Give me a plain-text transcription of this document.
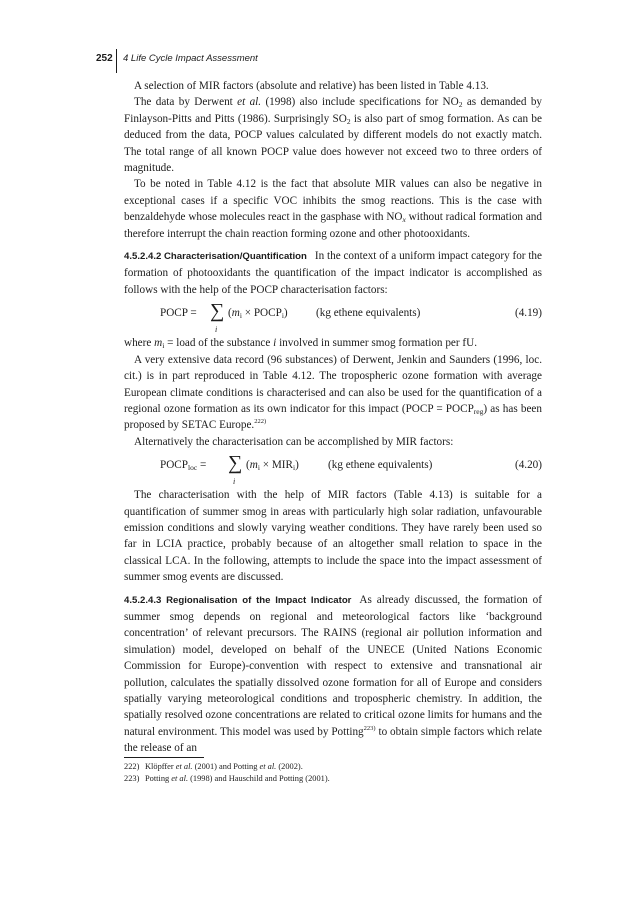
252 4 Life Cycle Impact Assessment

A selection of MIR factors (absolute and relative) has been listed in Table 4.13.

The data by Derwent et al. (1998) also include specifications for $NO_2$ as demanded by Finlayson-Pitts and Pitts (1986). Surprisingly $SO_2$ is also part of smog formation. As can be deduced from the data, POCP values calculated by different models do not exactly match. The total range of all known POCP value does however not exceed two to three orders of magnitude.

To be noted in Table 4.12 is the fact that absolute MIR values can also be negative in exceptional cases if a specific VOC inhibits the smog reactions. This is the case with benzaldehyde whose molecules react in the gasphase with $NO_x$ without radical formation and therefore interrupt the chain reaction forming ozone and other photooxidants.

4.5.2.4.2 Characterisation/Quantification In the context of a uniform impact category for the formation of photooxidants the quantification of the impact indicator is accomplished as follows with the help of the POCP characterisation factors:

POCP = ∑
i
($m_i$ × $POCP_i$)	(kg ethene equivalents)	(4.19)

where $m_i$ = load of the substance i involved in summer smog formation per fU.

A very extensive data record (96 substances) of Derwent, Jenkin and Saunders (1996, loc. cit.) is in part reproduced in Table 4.12. The tropospheric ozone formation with average European climate conditions is characterised and can also be used for the quantification of a regional ozone formation as its own indicator for this impact (POCP = $POCP_{reg}$) as has been proposed by SETAC Europe.$^{222)}$

Alternatively the characterisation can be accomplished by MIR factors:

$POCP_{loc}$ = ∑
i
$(m_i \times MIR_i)$	(kg ethene equivalents)	(4.20)

The characterisation with the help of MIR factors (Table 4.13) is suitable for a quantification of summer smog in areas with particularly high solar radiation, unfavourable emission conditions and slowly varying weather conditions. They have rarely been used so far in LCIA practice, probably because of an altogether small relation to space in the classical LCA. In the following, attempts to include the space into the impact assessment of summer smog events are discussed.

4.5.2.4.3 Regionalisation of the Impact Indicator As already discussed, the formation of summer smog depends on regional and meteorological factors like ‘background concentration’ of relevant precursors. The RAINS (regional air pollution information and simulation) model, developed on behalf of the UNECE (United Nations Economic Commission for Europe)-convention with respect to extensive and transnational air pollution, calculates the spatially dissolved ozone formation for all of Europe and considers spatially varying meteorological conditions and tropospheric chemistry. In addition, the spatially resolved ozone concentrations are related to critical ozone limits for humans and the natural environment. This model was used by Potting$^{223)}$ to obtain simple factors which relate the release of an

222) Klöpffer et al. (2001) and Potting et al. (2002).
223) Potting et al. (1998) and Hauschild and Potting (2001).
